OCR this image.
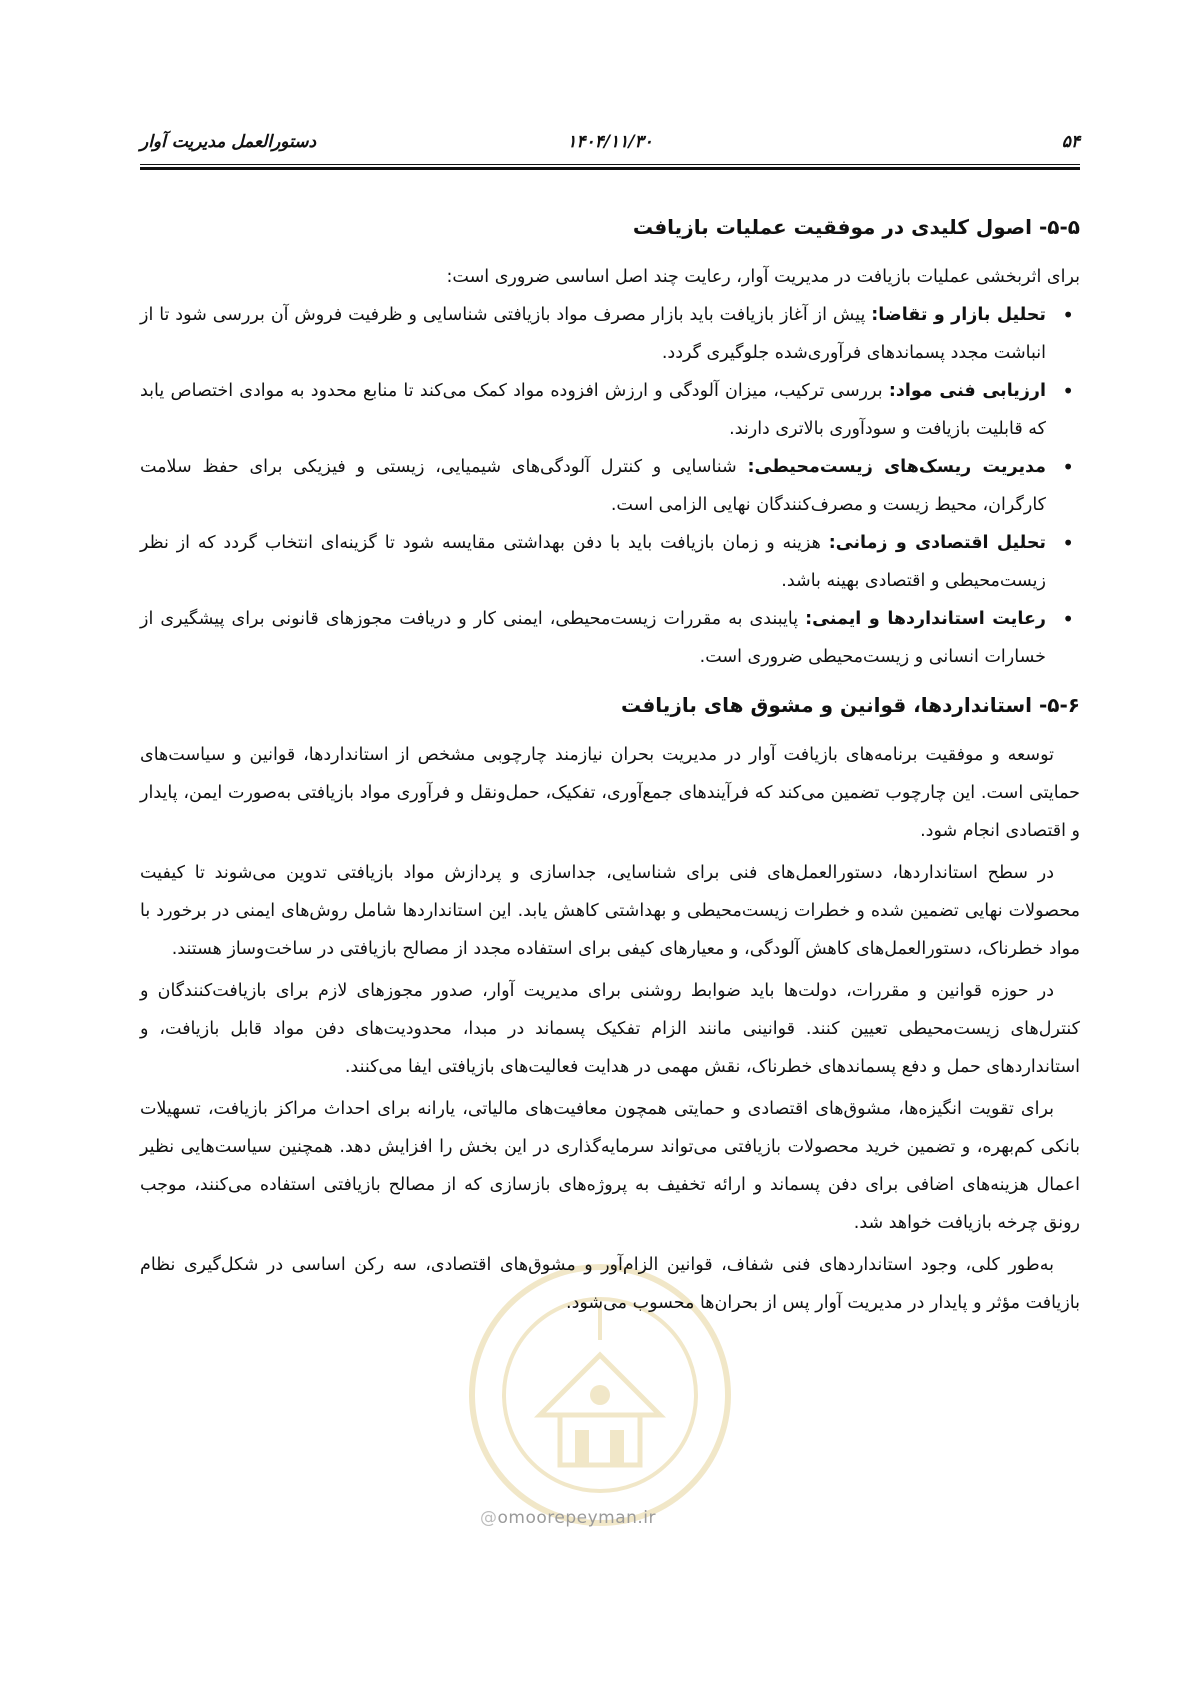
۵۴
۱۴۰۴/۱۱/۳۰
دستورالعمل مدیریت آوار
@omoorepeyman.ir
۵-۵- اصول کلیدی در موفقیت عملیات بازیافت

برای اثربخشی عملیات بازیافت در مدیریت آوار، رعایت چند اصل اساسی ضروری است:

• تحلیل بازار و تقاضا: پیش از آغاز بازیافت باید بازار مصرف مواد بازیافتی شناسایی و ظرفیت فروش آن بررسی شود تا از انباشت مجدد پسماندهای فرآوری‌شده جلوگیری گردد.
• ارزیابی فنی مواد: بررسی ترکیب، میزان آلودگی و ارزش افزوده مواد کمک می‌کند تا منابع محدود به موادی اختصاص یابد که قابلیت بازیافت و سودآوری بالاتری دارند.
• مدیریت ریسک‌های زیست‌محیطی: شناسایی و کنترل آلودگی‌های شیمیایی، زیستی و فیزیکی برای حفظ سلامت کارگران، محیط زیست و مصرف‌کنندگان نهایی الزامی است.
• تحلیل اقتصادی و زمانی: هزینه و زمان بازیافت باید با دفن بهداشتی مقایسه شود تا گزینه‌ای انتخاب گردد که از نظر زیست‌محیطی و اقتصادی بهینه باشد.
• رعایت استانداردها و ایمنی: پایبندی به مقررات زیست‌محیطی، ایمنی کار و دریافت مجوزهای قانونی برای پیشگیری از خسارات انسانی و زیست‌محیطی ضروری است.
۵-۶- استانداردها، قوانین و مشوق های بازیافت

توسعه و موفقیت برنامه‌های بازیافت آوار در مدیریت بحران نیازمند چارچوبی مشخص از استانداردها، قوانین و سیاست‌های حمایتی است. این چارچوب تضمین می‌کند که فرآیندهای جمع‌آوری، تفکیک، حمل‌ونقل و فرآوری مواد بازیافتی به‌صورت ایمن، پایدار و اقتصادی انجام شود.

در سطح استانداردها، دستورالعمل‌های فنی برای شناسایی، جداسازی و پردازش مواد بازیافتی تدوین می‌شوند تا کیفیت محصولات نهایی تضمین شده و خطرات زیست‌محیطی و بهداشتی کاهش یابد. این استانداردها شامل روش‌های ایمنی در برخورد با مواد خطرناک، دستورالعمل‌های کاهش آلودگی، و معیارهای کیفی برای استفاده مجدد از مصالح بازیافتی در ساخت‌وساز هستند.

در حوزه قوانین و مقررات، دولت‌ها باید ضوابط روشنی برای مدیریت آوار، صدور مجوزهای لازم برای بازیافت‌کنندگان و کنترل‌های زیست‌محیطی تعیین کنند. قوانینی مانند الزام تفکیک پسماند در مبدا، محدودیت‌های دفن مواد قابل بازیافت، و استانداردهای حمل و دفع پسماندهای خطرناک، نقش مهمی در هدایت فعالیت‌های بازیافتی ایفا می‌کنند.

برای تقویت انگیزه‌ها، مشوق‌های اقتصادی و حمایتی همچون معافیت‌های مالیاتی، یارانه برای احداث مراکز بازیافت، تسهیلات بانکی کم‌بهره، و تضمین خرید محصولات بازیافتی می‌تواند سرمایه‌گذاری در این بخش را افزایش دهد. همچنین سیاست‌هایی نظیر اعمال هزینه‌های اضافی برای دفن پسماند و ارائه تخفیف به پروژه‌های بازسازی که از مصالح بازیافتی استفاده می‌کنند، موجب رونق چرخه بازیافت خواهد شد.

به‌طور کلی، وجود استانداردهای فنی شفاف، قوانین الزام‌آور و مشوق‌های اقتصادی، سه رکن اساسی در شکل‌گیری نظام بازیافت مؤثر و پایدار در مدیریت آوار پس از بحران‌ها محسوب می‌شود.
